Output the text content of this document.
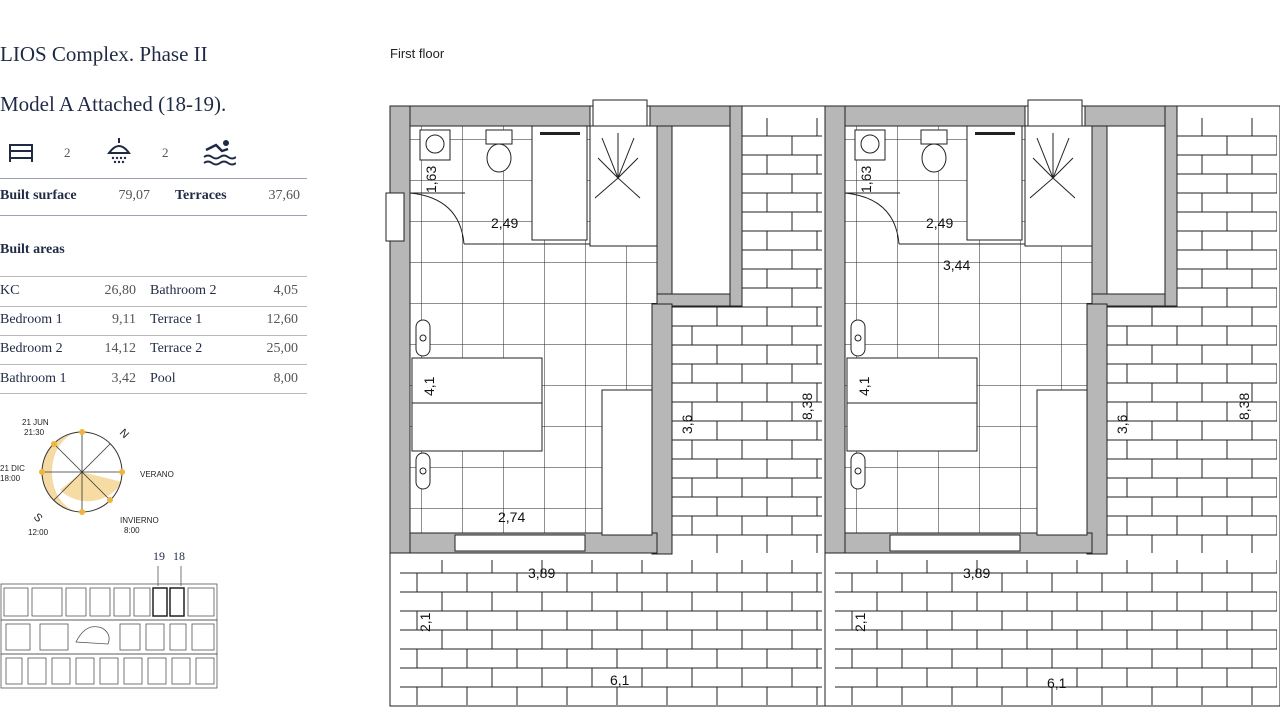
LIOS Complex. Phase II
Model A Attached (18-19).
2	2
Built surface	79,07 Terraces	37,60
Built areas
KC	26,80 Bathroom 2	4,05
Bedroom 1	9,11 Terrace 1	12,60
Bedroom 2	14,12 Terrace 2	25,00
Bathroom 1	3,42 Pool	8,00
21 JUN
21:30
21 DIC
18:00	VERANO
INVIERNO
8:00
12:00
N
S
19 18
First floor
1,63
2,49
4,1
2,74
3,6
8,38
3,89
2,1
6,1
1,63
2,49
3,44
4,1
3,6
8,38
3,89
2,1
6,1
